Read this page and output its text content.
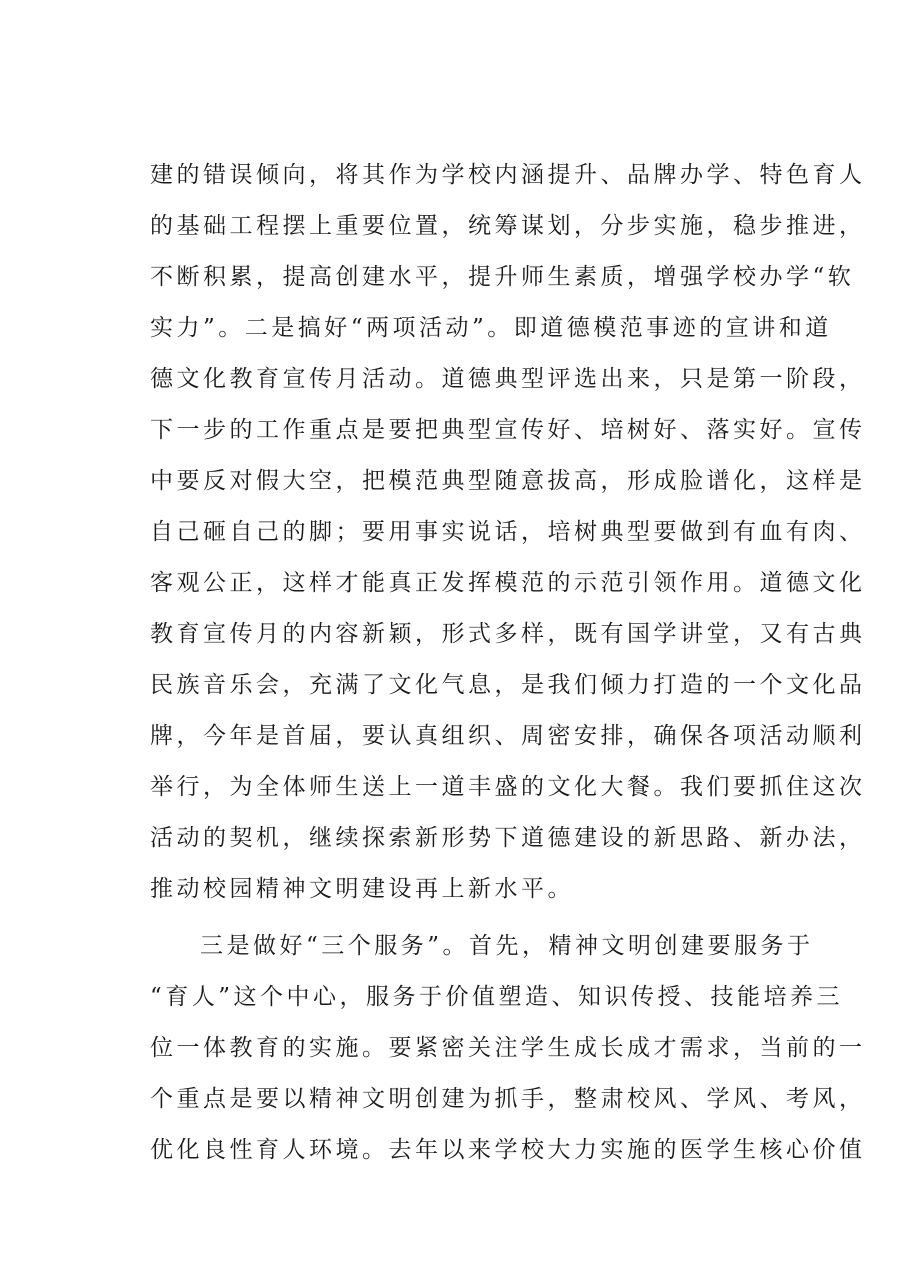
建的错误倾向，将其作为学校内涵提升、品牌办学、特色育人
的基础工程摆上重要位置，统筹谋划，分步实施，稳步推进，
不断积累，提高创建水平，提升师生素质，增强学校办学“软
实力”。二是搞好“两项活动”。即道德模范事迹的宣讲和道
德文化教育宣传月活动。道德典型评选出来，只是第一阶段，
下一步的工作重点是要把典型宣传好、培树好、落实好。宣传
中要反对假大空，把模范典型随意拔高，形成脸谱化，这样是
自己砸自己的脚；要用事实说话，培树典型要做到有血有肉、
客观公正，这样才能真正发挥模范的示范引领作用。道德文化
教育宣传月的内容新颖，形式多样，既有国学讲堂，又有古典
民族音乐会，充满了文化气息，是我们倾力打造的一个文化品
牌，今年是首届，要认真组织、周密安排，确保各项活动顺利
举行，为全体师生送上一道丰盛的文化大餐。我们要抓住这次
活动的契机，继续探索新形势下道德建设的新思路、新办法，
推动校园精神文明建设再上新水平。
三是做好“三个服务”。首先，精神文明创建要服务于
“育人”这个中心，服务于价值塑造、知识传授、技能培养三
位一体教育的实施。要紧密关注学生成长成才需求，当前的一
个重点是要以精神文明创建为抓手，整肃校风、学风、考风，
优化良性育人环境。去年以来学校大力实施的医学生核心价值
